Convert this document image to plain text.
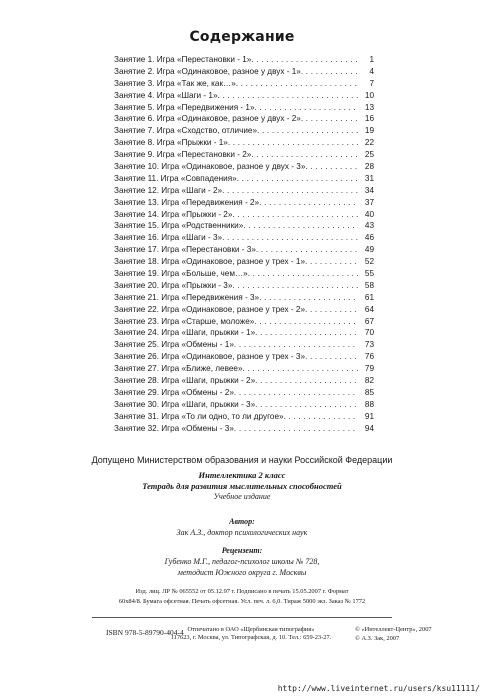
Содержание
Занятие 1. Игра «Перестановки - 1» . . .	1
Занятие 2. Игра «Одинаковое, разное у двух - 1» . . .	4
Занятие 3. Игра «Так же, как…» . . .	7
Занятие 4. Игра «Шаги - 1» . . .	10
Занятие 5. Игра «Передвижения - 1» . . .	13
Занятие 6. Игра «Одинаковое, разное у двух - 2» . . .	16
Занятие 7. Игра «Сходство, отличие» . . .	19
Занятие 8. Игра «Прыжки - 1» . . .	22
Занятие 9. Игра «Перестановки - 2» . . .	25
Занятие 10. Игра «Одинаковое, разное у двух - 3» . . .	28
Занятие 11. Игра «Совпадения» . . .	31
Занятие 12. Игра «Шаги - 2» . . .	34
Занятие 13. Игра «Передвижения - 2» . . .	37
Занятие 14. Игра «Прыжки - 2» . . .	40
Занятие 15. Игра «Родственники» . . .	43
Занятие 16. Игра «Шаги - 3» . . .	46
Занятие 17. Игра «Перестановки - 3» . . .	49
Занятие 18. Игра «Одинаковое, разное у трех - 1» . . .	52
Занятие 19. Игра «Больше, чем…» . . .	55
Занятие 20. Игра «Прыжки - 3» . . .	58
Занятие 21. Игра «Передвижения - 3» . . .	61
Занятие 22. Игра «Одинаковое, разное у трех - 2» . . .	64
Занятие 23. Игра «Старше, моложе» . . .	67
Занятие 24. Игра «Шаги, прыжки - 1» . . .	70
Занятие 25. Игра «Обмены - 1» . . .	73
Занятие 26. Игра «Одинаковое, разное у трех - 3» . . .	76
Занятие 27. Игра «Ближе, левее» . . .	79
Занятие 28. Игра «Шаги, прыжки - 2» . . .	82
Занятие 29. Игра «Обмены - 2» . . .	85
Занятие 30. Игра «Шаги, прыжки - 3» . . .	88
Занятие 31. Игра «То ли одно, то ли другое» . . .	91
Занятие 32. Игра «Обмены - 3» . . .	94
Допущено Министерством образования и науки Российской Федерации
Интеллектика 2 класс
Тетрадь для развития мыслительных способностей
Учебное издание
Автор:
Зак А.З., доктор психологических наук
Рецензент:
Губенко М.Г., педагог-психолог школы № 728,
методист Южного округа г. Москвы
Изд. лиц. ЛР № 065552 от 05.12.97 г. Подписано в печать 15.05.2007 г. Формат
60х84/8. Бумага офсетная. Печать офсетная. Усл. печ. л. 6,0. Тираж 5000 экз. Заказ № 1772
ISBN 978-5-89790-404-4 Отпечатано в ОАО «Щербинская типография»
117623, г. Москва, ул. Типографская, д. 10. Тел.: 659-23-27.
© «Интеллект-Центр», 2007
© А.З. Зак, 2007
http://www.liveinternet.ru/users/ksu11111/
